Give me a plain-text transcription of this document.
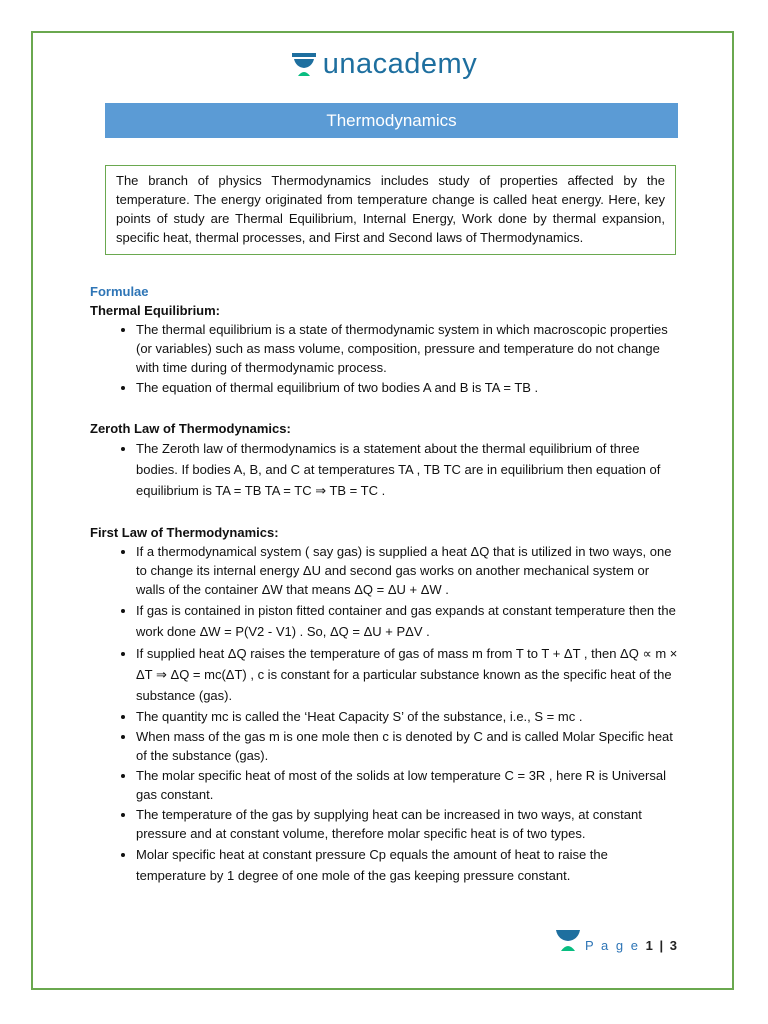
unacademy
Thermodynamics
The branch of physics Thermodynamics includes study of properties affected by the temperature. The energy originated from temperature change is called heat energy. Here, key points of study are Thermal Equilibrium, Internal Energy, Work done by thermal expansion, specific heat, thermal processes, and First and Second laws of Thermodynamics.
Formulae
Thermal Equilibrium:
• The thermal equilibrium is a state of thermodynamic system in which macroscopic properties (or variables) such as mass volume, composition, pressure and temperature do not change with time during of thermodynamic process.
• The equation of thermal equilibrium of two bodies A and B is TA = TB .
Zeroth Law of Thermodynamics:
• The Zeroth law of thermodynamics is a statement about the thermal equilibrium of three bodies. If bodies A, B, and C at temperatures TA , TB TC are in equilibrium then equation of equilibrium is TA = TB TA = TC ⇒ TB = TC .
First Law of Thermodynamics:
• If a thermodynamical system ( say gas) is supplied a heat ΔQ that is utilized in two ways, one to change its internal energy ΔU and second gas works on another mechanical system or walls of the container ΔW that means ΔQ = ΔU + ΔW .
• If gas is contained in piston fitted container and gas expands at constant temperature then the work done ΔW = P(V2 - V1) . So, ΔQ = ΔU + PΔV .
• If supplied heat ΔQ raises the temperature of gas of mass m from T to T + ΔT , then ΔQ ∝ m × ΔT ⇒ ΔQ = mc(ΔT) , c is constant for a particular substance known as the specific heat of the substance (gas).
• The quantity mc is called the ‘Heat Capacity S’ of the substance, i.e., S = mc .
• When mass of the gas m is one mole then c is denoted by C and is called Molar Specific heat of the substance (gas).
• The molar specific heat of most of the solids at low temperature C = 3R , here R is Universal gas constant.
• The temperature of the gas by supplying heat can be increased in two ways, at constant pressure and at constant volume, therefore molar specific heat is of two types.
• Molar specific heat at constant pressure Cp equals the amount of heat to raise the temperature by 1 degree of one mole of the gas keeping pressure constant.
P a g e 1 | 3
